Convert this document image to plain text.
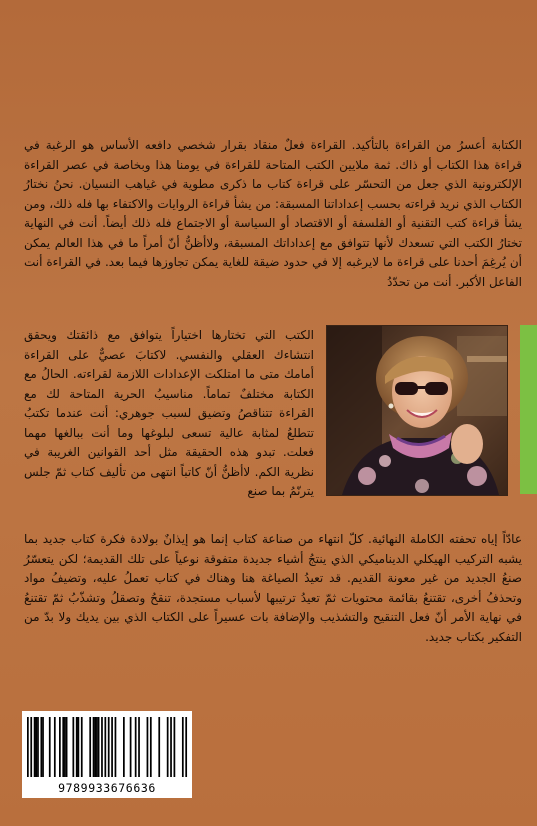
الكتابة أعسرُ من القراءة بالتأكيد. القراءة فعلٌ منقاد بقرار شخصي دافعه الأساس هو الرغبة في قراءة هذا الكتاب أو ذاك. ثمة ملايين الكتب المتاحة للقراءة في يومنا هذا وبخاصة في عصر القراءة الإلكترونية الذي جعل من التحسّر على قراءة كتاب ما ذكرى مطوية في غياهب النسيان. نحنُ نختارُ الكتاب الذي نريد قراءته بحسب إعداداتنا المسبقة: من يشأ قراءة الروايات والاكتفاء بها فله ذلك، ومن يشأ قراءة كتب التقنية أو الفلسفة أو الاقتصاد أو السياسة أو الاجتماع فله ذلك أيضاً. أنت في النهاية تختارُ الكتب التي تسعدك لأنها تتوافق مع إعداداتك المسبقة، ولاأظنُّ أنّ أمراً ما في هذا العالم يمكن أن يُرغِمَ أحدنا على قراءة ما لايرغبه إلا في حدود ضيقة للغاية يمكن تجاوزها فيما بعد. في القراءة أنت الفاعل الأكبر. أنت من تحدّدُ

الكتب التي تختارها اختياراً يتوافق مع ذائقتك ويحقق انتشاءك العقلي والنفسي. لاكتابَ عصيٌّ على القراءة أمامك متى ما امتلكت الإعدادات اللازمة لقراءته. الحالُ مع الكتابة مختلفٌ تماماً. مناسيبُ الحرية المتاحة لك مع القراءة تتناقصُ وتضيق لسبب جوهري: أنت عندما تكتبُ تتطلعُ لمثابة عالية تسعى لبلوغها وما أنت ببالغها مهما فعلت. تبدو هذه الحقيقة مثل أحد القوانين الغريبة في نظرية الكم. لاأظنُّ أنّ كاتباً انتهى من تأليف كتاب ثمّ جلس يترنّمُ بما صنع

عادّاً إياه تحفته الكاملة النهائية. كلّ انتهاء من صناعة كتاب إنما هو إيذانٌ بولادة فكرة كتاب جديد بما يشبه التركيب الهيكلي الديناميكي الذي ينتجُ أشياء جديدة متفوقة نوعياً على تلك القديمة؛ لكن يتعسّرُ صنعُ الجديد من غير معونة القديم. قد تعيدُ الصياغة هنا وهناك في كتاب تعملُ عليه، وتضيفُ مواد وتحذفُ أخرى، تقتنعُ بقائمة محتويات ثمّ تعيدُ ترتيبها لأسباب مستجدة، تنقحُ وتصقلُ وتشذّبُ ثمّ تقتنعُ في نهاية الأمر أنّ فعل التنقيح والتشذيب والإضافة بات عسيراً على الكتاب الذي بين يديك ولا بدّ من التفكير بكتاب جديد.

9789933676636
